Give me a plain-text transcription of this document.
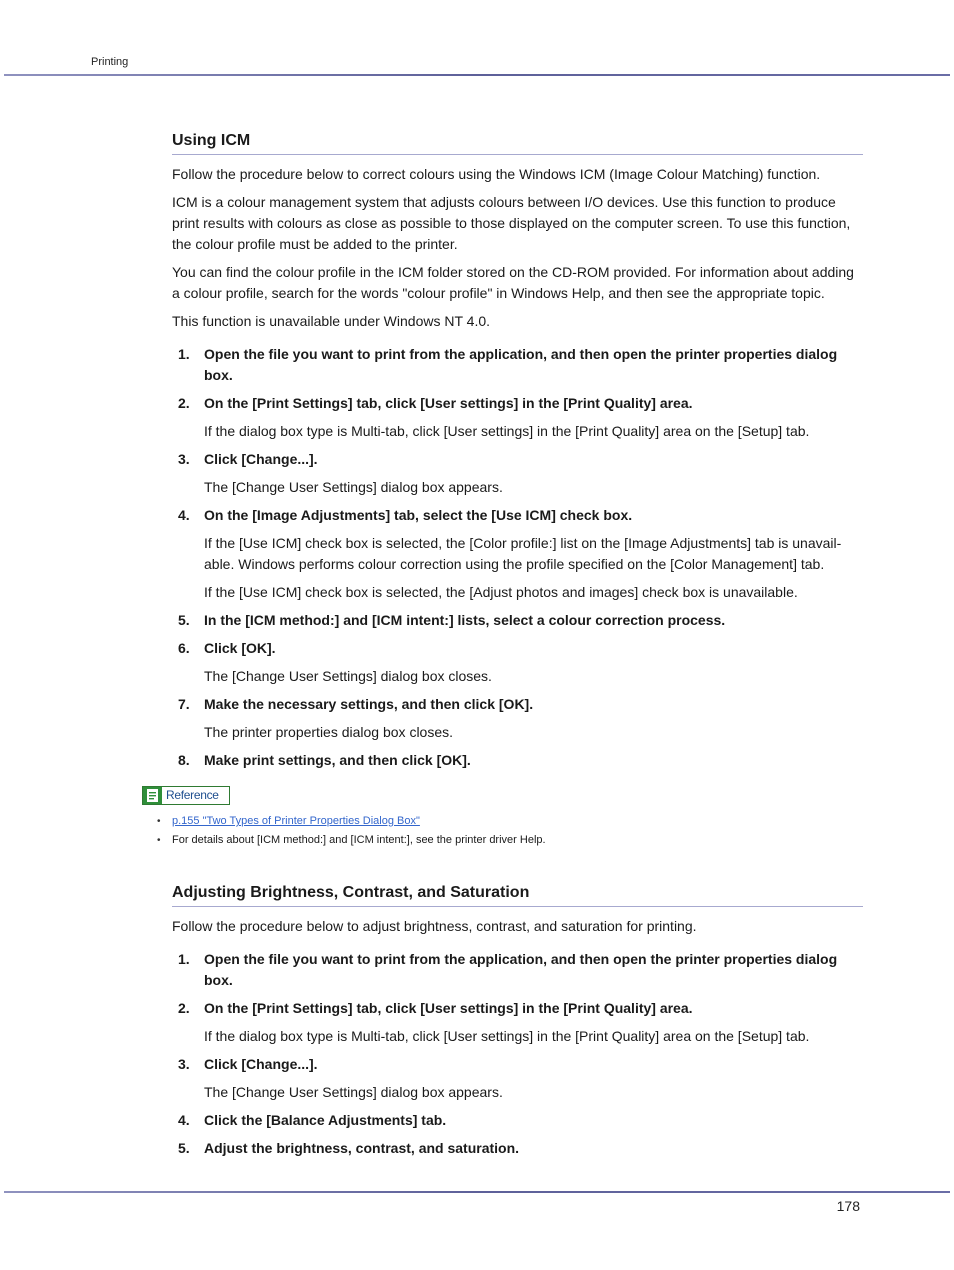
Printing
Using ICM

Follow the procedure below to correct colours using the Windows ICM (Image Colour Matching) function.

ICM is a colour management system that adjusts colours between I/O devices. Use this function to produce print results with colours as close as possible to those displayed on the computer screen. To use this function, the colour profile must be added to the printer.

You can find the colour profile in the ICM folder stored on the CD-ROM provided. For information about adding a colour profile, search for the words "colour profile" in Windows Help, and then see the appropriate topic.

This function is unavailable under Windows NT 4.0.

1. Open the file you want to print from the application, and then open the printer properties dialog box.
2. On the [Print Settings] tab, click [User settings] in the [Print Quality] area.
If the dialog box type is Multi-tab, click [User settings] in the [Print Quality] area on the [Setup] tab.
3. Click [Change...].
The [Change User Settings] dialog box appears.
4. On the [Image Adjustments] tab, select the [Use ICM] check box.
If the [Use ICM] check box is selected, the [Color profile:] list on the [Image Adjustments] tab is unavail-able. Windows performs colour correction using the profile specified on the [Color Management] tab.
If the [Use ICM] check box is selected, the [Adjust photos and images] check box is unavailable.
5. In the [ICM method:] and [ICM intent:] lists, select a colour correction process.
6. Click [OK].
The [Change User Settings] dialog box closes.
7. Make the necessary settings, and then click [OK].
The printer properties dialog box closes.
8. Make print settings, and then click [OK].
Reference
• p.155 "Two Types of Printer Properties Dialog Box"
• For details about [ICM method:] and [ICM intent:], see the printer driver Help.
Adjusting Brightness, Contrast, and Saturation

Follow the procedure below to adjust brightness, contrast, and saturation for printing.

1. Open the file you want to print from the application, and then open the printer properties dialog box.
2. On the [Print Settings] tab, click [User settings] in the [Print Quality] area.
If the dialog box type is Multi-tab, click [User settings] in the [Print Quality] area on the [Setup] tab.
3. Click [Change...].
The [Change User Settings] dialog box appears.
4. Click the [Balance Adjustments] tab.
5. Adjust the brightness, contrast, and saturation.
178
